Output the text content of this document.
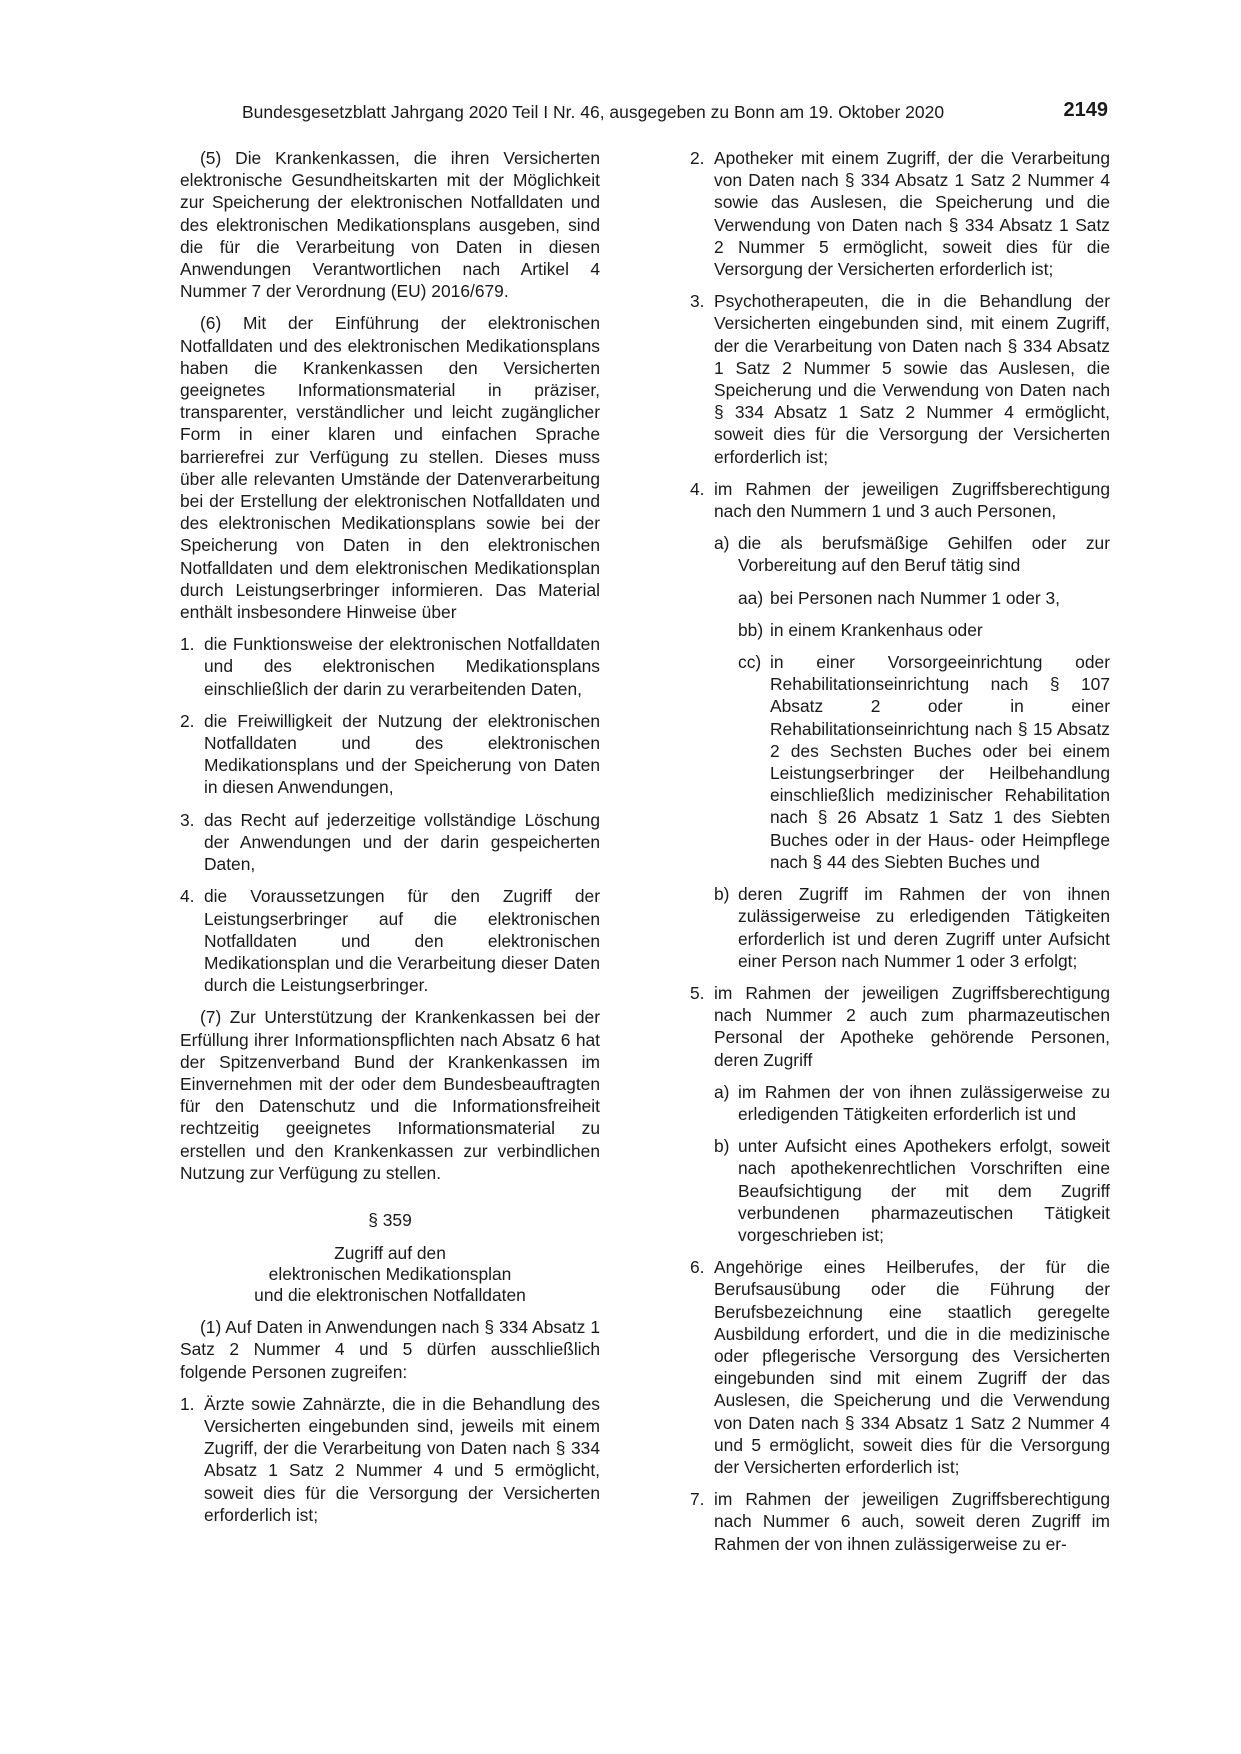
Bundesgesetzblatt Jahrgang 2020 Teil I Nr. 46, ausgegeben zu Bonn am 19. Oktober 2020	2149

(5) Die Krankenkassen, die ihren Versicherten elektronische Gesundheitskarten mit der Möglichkeit zur Speicherung der elektronischen Notfalldaten und des elektronischen Medikationsplans ausgeben, sind die für die Verarbeitung von Daten in diesen Anwendungen Verantwortlichen nach Artikel 4 Nummer 7 der Verordnung (EU) 2016/679.

(6) Mit der Einführung der elektronischen Notfalldaten und des elektronischen Medikationsplans haben die Krankenkassen den Versicherten geeignetes Informationsmaterial in präziser, transparenter, verständlicher und leicht zugänglicher Form in einer klaren und einfachen Sprache barrierefrei zur Verfügung zu stellen. Dieses muss über alle relevanten Umstände der Datenverarbeitung bei der Erstellung der elektronischen Notfalldaten und des elektronischen Medikationsplans sowie bei der Speicherung von Daten in den elektronischen Notfalldaten und dem elektronischen Medikationsplan durch Leistungserbringer informieren. Das Material enthält insbesondere Hinweise über

1. die Funktionsweise der elektronischen Notfalldaten und des elektronischen Medikationsplans einschließlich der darin zu verarbeitenden Daten,
2. die Freiwilligkeit der Nutzung der elektronischen Notfalldaten und des elektronischen Medikationsplans und der Speicherung von Daten in diesen Anwendungen,
3. das Recht auf jederzeitige vollständige Löschung der Anwendungen und der darin gespeicherten Daten,
4. die Voraussetzungen für den Zugriff der Leistungserbringer auf die elektronischen Notfalldaten und den elektronischen Medikationsplan und die Verarbeitung dieser Daten durch die Leistungserbringer.

(7) Zur Unterstützung der Krankenkassen bei der Erfüllung ihrer Informationspflichten nach Absatz 6 hat der Spitzenverband Bund der Krankenkassen im Einvernehmen mit der oder dem Bundesbeauftragten für den Datenschutz und die Informationsfreiheit rechtzeitig geeignetes Informationsmaterial zu erstellen und den Krankenkassen zur verbindlichen Nutzung zur Verfügung zu stellen.

§ 359
Zugriff auf den
elektronischen Medikationsplan
und die elektronischen Notfalldaten

(1) Auf Daten in Anwendungen nach § 334 Absatz 1 Satz 2 Nummer 4 und 5 dürfen ausschließlich folgende Personen zugreifen:

1. Ärzte sowie Zahnärzte, die in die Behandlung des Versicherten eingebunden sind, jeweils mit einem Zugriff, der die Verarbeitung von Daten nach § 334 Absatz 1 Satz 2 Nummer 4 und 5 ermöglicht, soweit dies für die Versorgung der Versicherten erforderlich ist;
2. Apotheker mit einem Zugriff, der die Verarbeitung von Daten nach § 334 Absatz 1 Satz 2 Nummer 4 sowie das Auslesen, die Speicherung und die Verwendung von Daten nach § 334 Absatz 1 Satz 2 Nummer 5 ermöglicht, soweit dies für die Versorgung der Versicherten erforderlich ist;
3. Psychotherapeuten, die in die Behandlung der Versicherten eingebunden sind, mit einem Zugriff, der die Verarbeitung von Daten nach § 334 Absatz 1 Satz 2 Nummer 5 sowie das Auslesen, die Speicherung und die Verwendung von Daten nach § 334 Absatz 1 Satz 2 Nummer 4 ermöglicht, soweit dies für die Versorgung der Versicherten erforderlich ist;
4. im Rahmen der jeweiligen Zugriffsberechtigung nach den Nummern 1 und 3 auch Personen,
a) die als berufsmäßige Gehilfen oder zur Vorbereitung auf den Beruf tätig sind
aa) bei Personen nach Nummer 1 oder 3,
bb) in einem Krankenhaus oder
cc) in einer Vorsorgeeinrichtung oder Rehabilitationseinrichtung nach § 107 Absatz 2 oder in einer Rehabilitationseinrichtung nach § 15 Absatz 2 des Sechsten Buches oder bei einem Leistungserbringer der Heilbehandlung einschließlich medizinischer Rehabilitation nach § 26 Absatz 1 Satz 1 des Siebten Buches oder in der Haus- oder Heimpflege nach § 44 des Siebten Buches und
b) deren Zugriff im Rahmen der von ihnen zulässigerweise zu erledigenden Tätigkeiten erforderlich ist und deren Zugriff unter Aufsicht einer Person nach Nummer 1 oder 3 erfolgt;
5. im Rahmen der jeweiligen Zugriffsberechtigung nach Nummer 2 auch zum pharmazeutischen Personal der Apotheke gehörende Personen, deren Zugriff
a) im Rahmen der von ihnen zulässigerweise zu erledigenden Tätigkeiten erforderlich ist und
b) unter Aufsicht eines Apothekers erfolgt, soweit nach apothekenrechtlichen Vorschriften eine Beaufsichtigung der mit dem Zugriff verbundenen pharmazeutischen Tätigkeit vorgeschrieben ist;
6. Angehörige eines Heilberufes, der für die Berufsausübung oder die Führung der Berufsbezeichnung eine staatlich geregelte Ausbildung erfordert, und die in die medizinische oder pflegerische Versorgung des Versicherten eingebunden sind mit einem Zugriff der das Auslesen, die Speicherung und die Verwendung von Daten nach § 334 Absatz 1 Satz 2 Nummer 4 und 5 ermöglicht, soweit dies für die Versorgung der Versicherten erforderlich ist;
7. im Rahmen der jeweiligen Zugriffsberechtigung nach Nummer 6 auch, soweit deren Zugriff im Rahmen der von ihnen zulässigerweise zu er-
